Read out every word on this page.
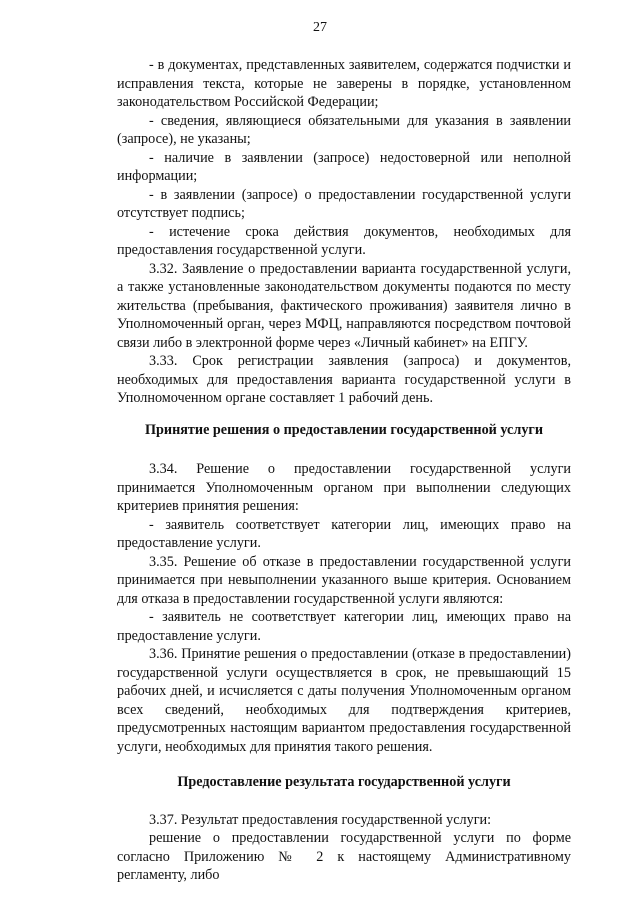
27

- в документах, представленных заявителем, содержатся подчистки и исправления текста, которые не заверены в порядке, установленном законодательством Российской Федерации;

- сведения, являющиеся обязательными для указания в заявлении (запросе), не указаны;

- наличие в заявлении (запросе) недостоверной или неполной информации;

- в заявлении (запросе) о предоставлении государственной услуги отсутствует подпись;

- истечение срока действия документов, необходимых для предоставления государственной услуги.

3.32. Заявление о предоставлении варианта государственной услуги, а также установленные законодательством документы подаются по месту жительства (пребывания, фактического проживания) заявителя лично в Уполномоченный орган, через МФЦ, направляются посредством почтовой связи либо в электронной форме через «Личный кабинет» на ЕПГУ.

3.33. Срок регистрации заявления (запроса) и документов, необходимых для предоставления варианта государственной услуги в Уполномоченном органе составляет 1 рабочий день.

Принятие решения о предоставлении государственной услуги

3.34. Решение о предоставлении государственной услуги принимается Уполномоченным органом при выполнении следующих критериев принятия решения:

- заявитель соответствует категории лиц, имеющих право на предоставление услуги.

3.35. Решение об отказе в предоставлении государственной услуги принимается при невыполнении указанного выше критерия. Основанием для отказа в предоставлении государственной услуги являются:

- заявитель не соответствует категории лиц, имеющих право на предоставление услуги.

3.36. Принятие решения о предоставлении (отказе в предоставлении) государственной услуги осуществляется в срок, не превышающий 15 рабочих дней, и исчисляется с даты получения Уполномоченным органом всех сведений, необходимых для подтверждения критериев, предусмотренных настоящим вариантом предоставления государственной услуги, необходимых для принятия такого решения.

Предоставление результата государственной услуги

3.37. Результат предоставления государственной услуги:

решение о предоставлении государственной услуги по форме согласно Приложению № 2 к настоящему Административному регламенту, либо
